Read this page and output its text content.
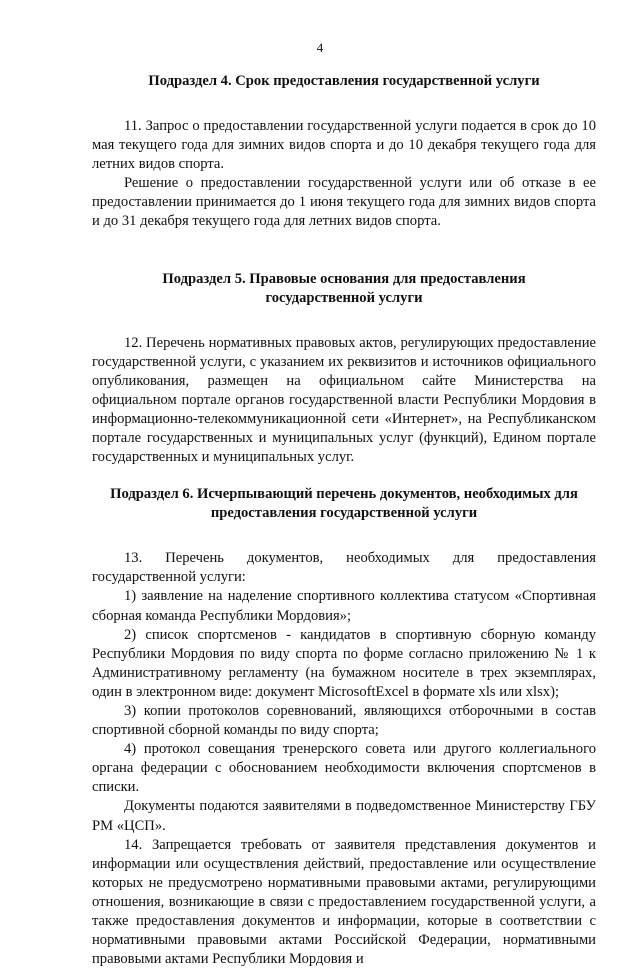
4

Подраздел 4. Срок предоставления государственной услуги

11. Запрос о предоставлении государственной услуги подается в срок до 10 мая текущего года для зимних видов спорта и до 10 декабря текущего года для летних видов спорта.

Решение о предоставлении государственной услуги или об отказе в ее предоставлении принимается до 1 июня текущего года для зимних видов спорта и до 31 декабря текущего года для летних видов спорта.

Подраздел 5. Правовые основания для предоставления

государственной услуги

12. Перечень нормативных правовых актов, регулирующих предоставление государственной услуги, с указанием их реквизитов и источников официального опубликования, размещен на официальном сайте Министерства на официальном портале органов государственной власти Республики Мордовия в информационно-телекоммуникационной сети «Интернет», на Республиканском портале государственных и муниципальных услуг (функций), Едином портале государственных и муниципальных услуг.

Подраздел 6. Исчерпывающий перечень документов, необходимых для

предоставления государственной услуги

13. Перечень документов, необходимых для предоставления государственной услуги:

1) заявление на наделение спортивного коллектива статусом «Спортивная сборная команда Республики Мордовия»;

2) список спортсменов - кандидатов в спортивную сборную команду Республики Мордовия по виду спорта по форме согласно приложению № 1 к Административному регламенту (на бумажном носителе в трех экземплярах, один в электронном виде: документ MicrosoftExcel в формате xls или xlsx);

3) копии протоколов соревнований, являющихся отборочными в состав спортивной сборной команды по виду спорта;

4) протокол совещания тренерского совета или другого коллегиального органа федерации с обоснованием необходимости включения спортсменов в списки.

Документы подаются заявителями в подведомственное Министерству ГБУ РМ «ЦСП».

14. Запрещается требовать от заявителя представления документов и информации или осуществления действий, предоставление или осуществление которых не предусмотрено нормативными правовыми актами, регулирующими отношения, возникающие в связи с предоставлением государственной услуги, а также предоставления документов и информации, которые в соответствии с нормативными правовыми актами Российской Федерации, нормативными правовыми актами Республики Мордовия и
